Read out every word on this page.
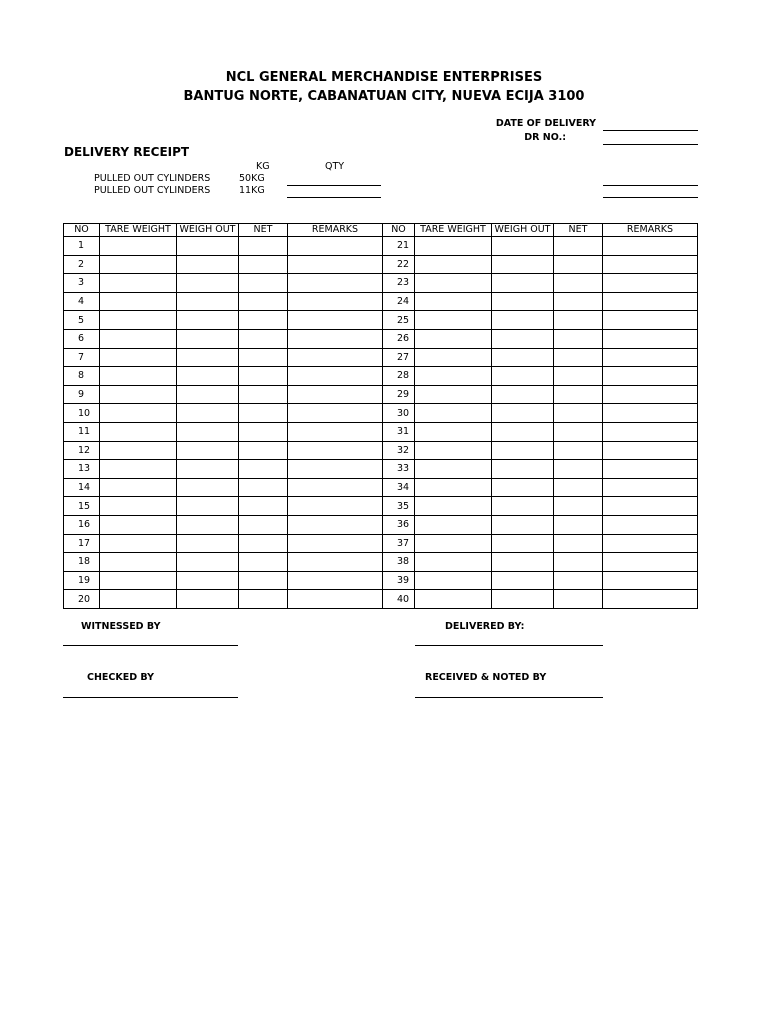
NCL GENERAL MERCHANDISE ENTERPRISES
BANTUG NORTE, CABANATUAN CITY, NUEVA ECIJA 3100
DATE OF DELIVERY
DR NO.:
DELIVERY RECEIPT
KG	QTY
PULLED OUT CYLINDERS	50KG
PULLED OUT CYLINDERS	11KG
NO	TARE WEIGHT	WEIGH OUT	NET	REMARKS	NO	TARE WEIGHT	WEIGH OUT	NET	REMARKS
1					21				
2					22				
3					23				
4					24				
5					25				
6					26				
7					27				
8					28				
9					29				
10					30				
11					31				
12					32				
13					33				
14					34				
15					35				
16					36				
17					37				
18					38				
19					39				
20					40				
WITNESSED BY	DELIVERED BY:
CHECKED BY	RECEIVED & NOTED BY
